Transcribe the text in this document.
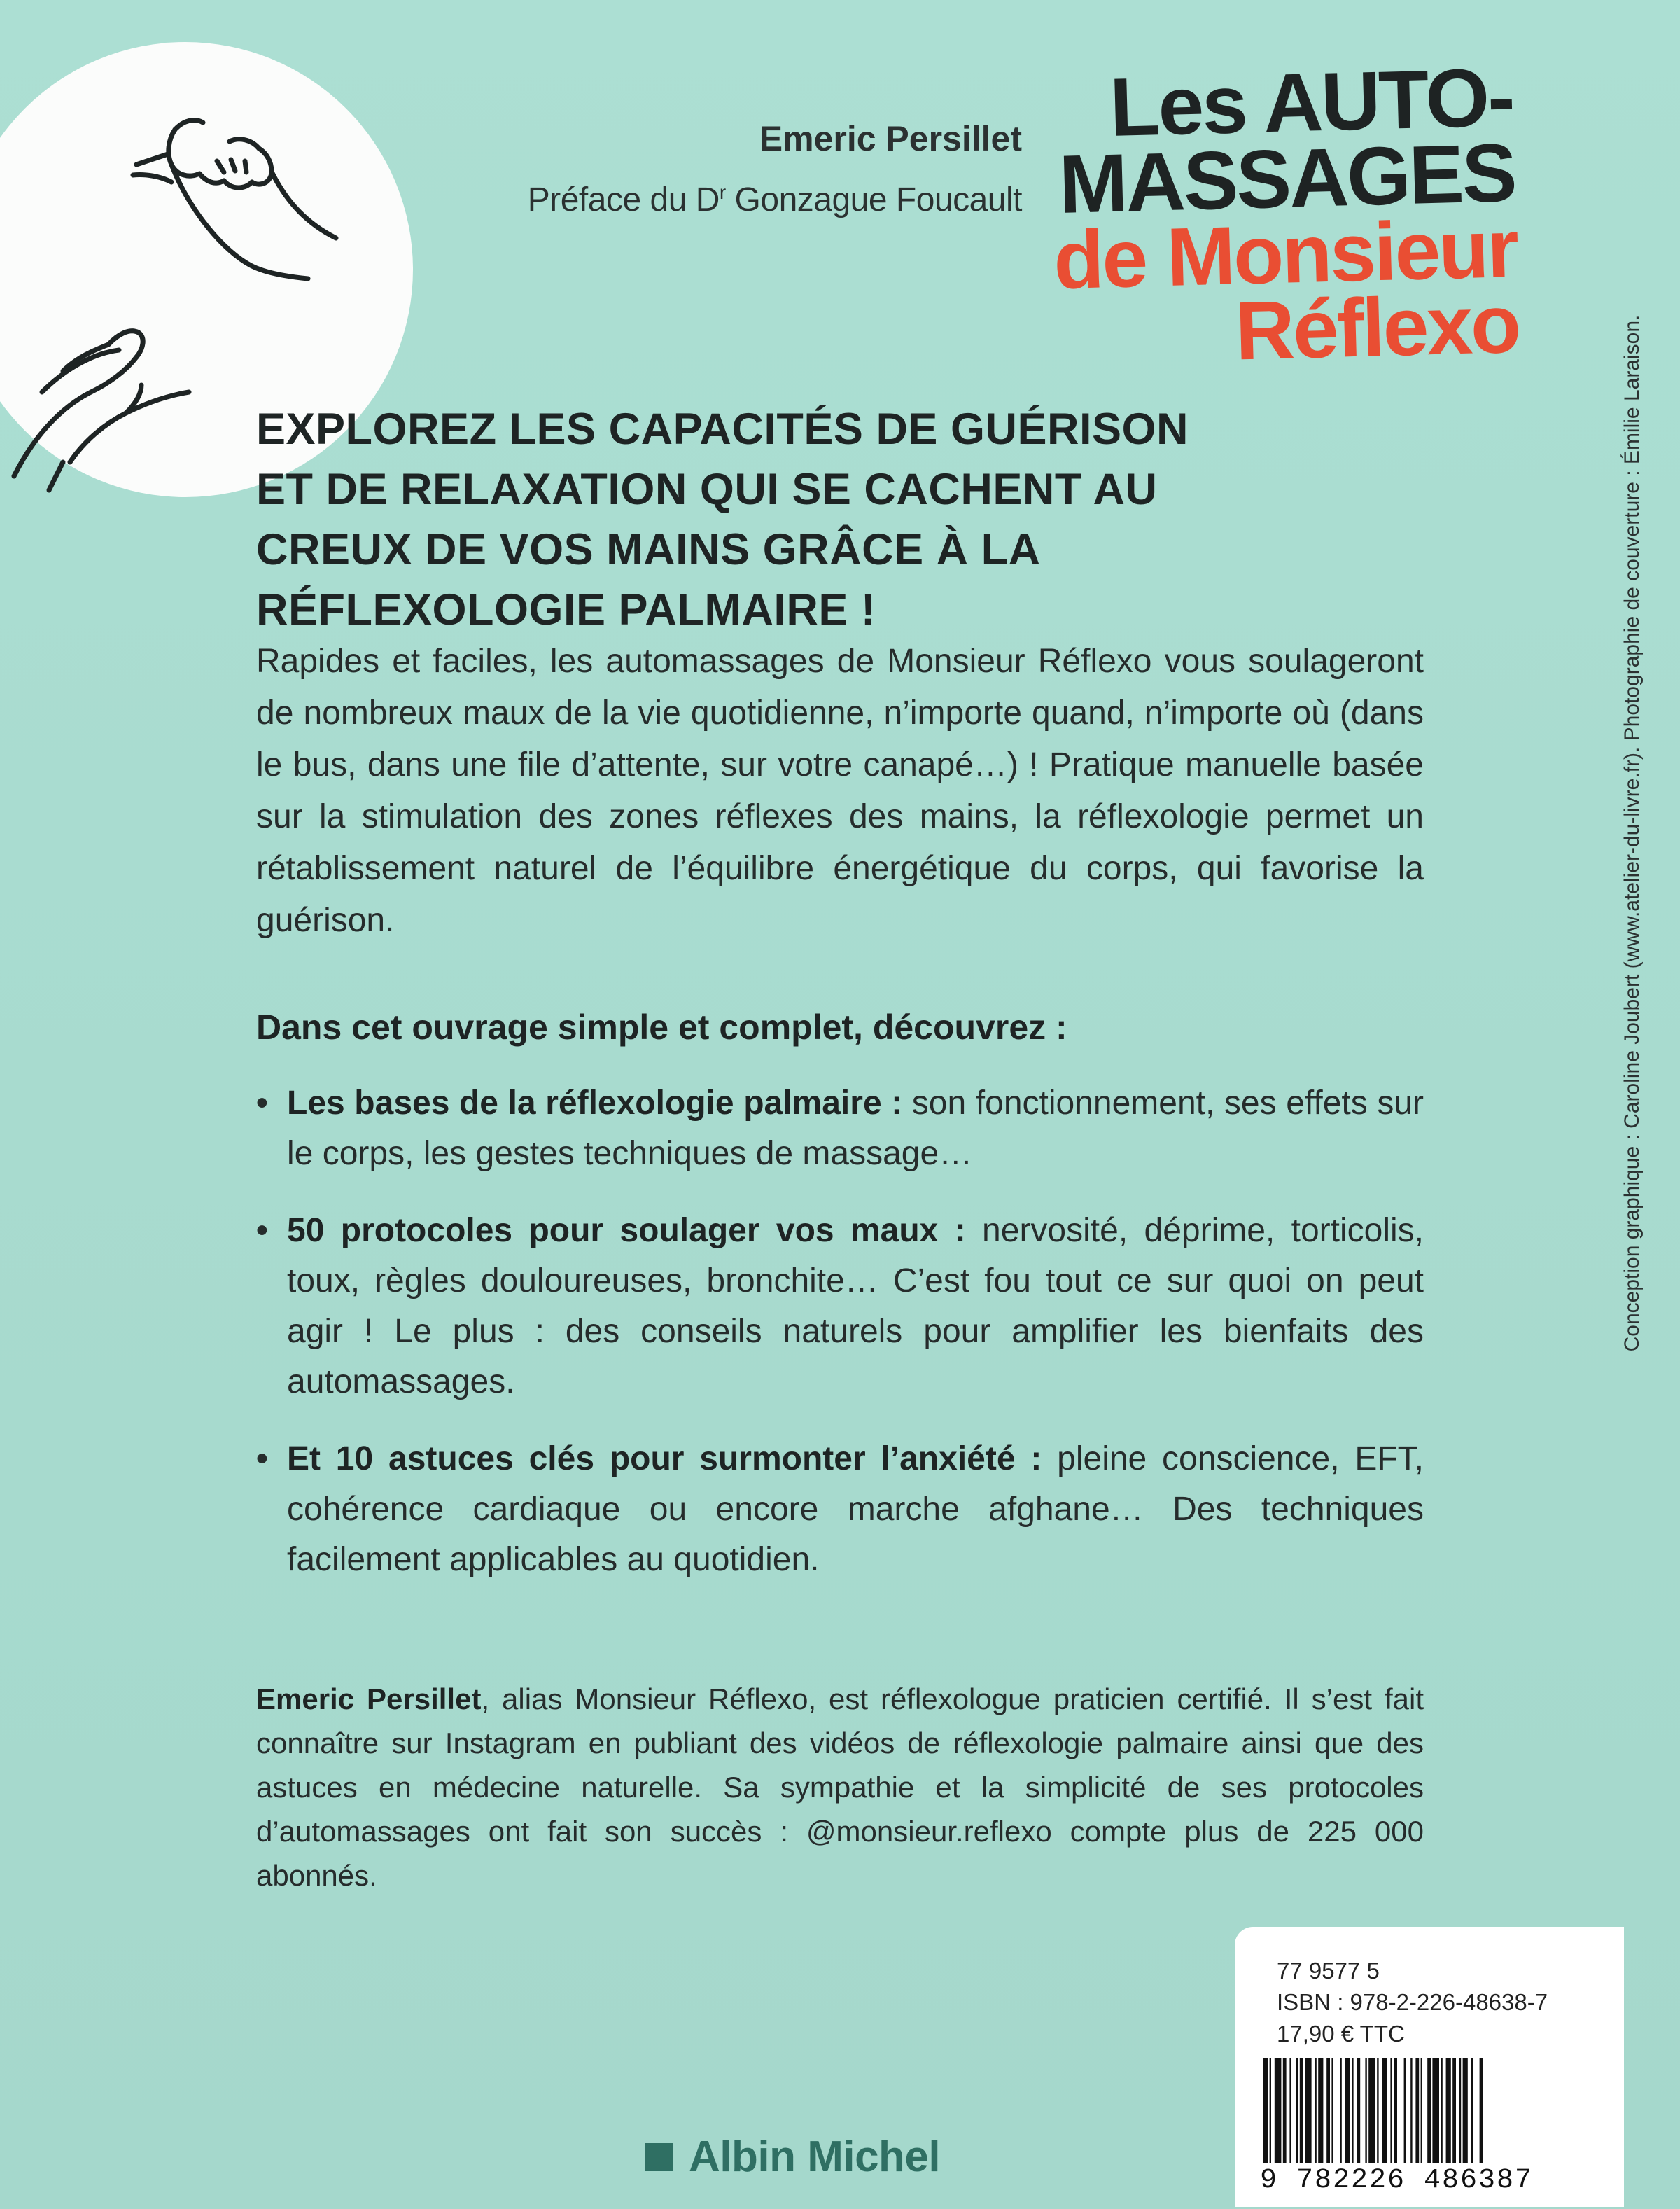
Emeric Persillet
Préface du $D^r$ Gonzague Foucault
Les AUTO-
MASSAGES
de Monsieur
Réflexo
EXPLOREZ LES CAPACITÉS DE GUÉRISON ET DE RELAXATION QUI SE CACHENT AU CREUX DE VOS MAINS GRÂCE À LA RÉFLEXOLOGIE PALMAIRE !
Rapides et faciles, les automassages de Monsieur Réflexo vous soulageront de nombreux maux de la vie quotidienne, n’importe quand, n’importe où (dans le bus, dans une file d’attente, sur votre canapé…) ! Pratique manuelle basée sur la stimulation des zones réflexes des mains, la réflexologie permet un rétablissement naturel de l’équilibre énergétique du corps, qui favorise la guérison.
Dans cet ouvrage simple et complet, découvrez :
• Les bases de la réflexologie palmaire : son fonctionnement, ses effets sur le corps, les gestes techniques de massage…
• 50 protocoles pour soulager vos maux : nervosité, déprime, torticolis, toux, règles douloureuses, bronchite… C’est fou tout ce sur quoi on peut agir ! Le plus : des conseils naturels pour amplifier les bienfaits des automassages.
• Et 10 astuces clés pour surmonter l’anxiété : pleine conscience, EFT, cohérence cardiaque ou encore marche afghane… Des techniques facilement applicables au quotidien.
Emeric Persillet, alias Monsieur Réflexo, est réflexologue praticien certifié. Il s’est fait connaître sur Instagram en publiant des vidéos de réflexologie palmaire ainsi que des astuces en médecine naturelle. Sa sympathie et la simplicité de ses protocoles d’automassages ont fait son succès : @monsieur.reflexo compte plus de 225 000 abonnés.
77 9577 5
ISBN : 978-2-226-48638-7
17,90 € TTC
9 782226 486387
Albin Michel
Conception graphique : Caroline Joubert (www.atelier-du-livre.fr). Photographie de couverture : Émilie Laraison.
